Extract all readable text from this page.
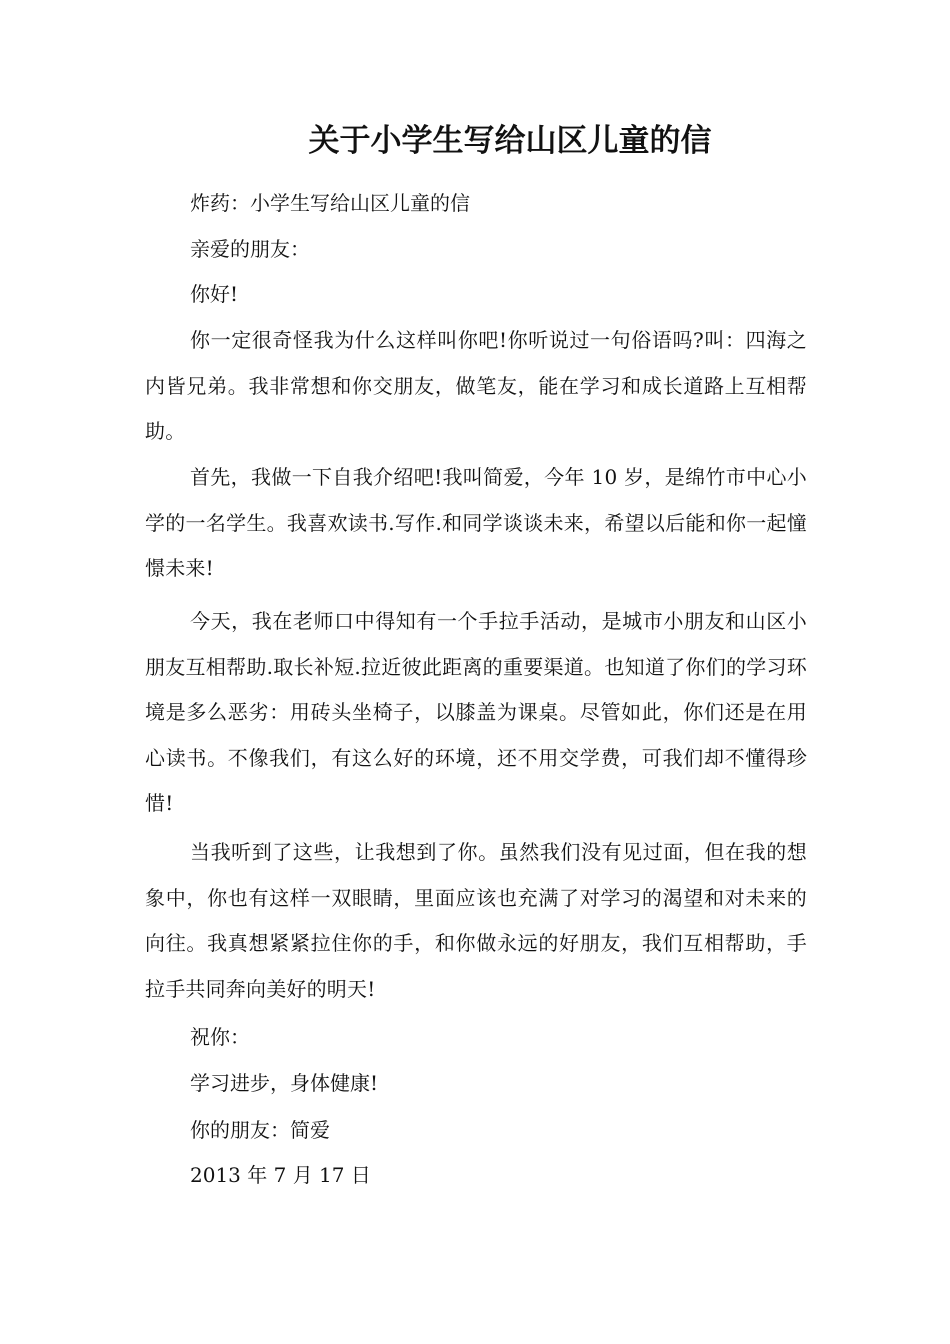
关于小学生写给山区儿童的信

炸药：小学生写给山区儿童的信

亲爱的朋友：

你好!

你一定很奇怪我为什么这样叫你吧!你听说过一句俗语吗?叫：四海之内皆兄弟。我非常想和你交朋友，做笔友，能在学习和成长道路上互相帮助。

首先，我做一下自我介绍吧!我叫简爱，今年 10 岁，是绵竹市中心小学的一名学生。我喜欢读书.写作.和同学谈谈未来，希望以后能和你一起憧憬未来!

今天，我在老师口中得知有一个手拉手活动，是城市小朋友和山区小朋友互相帮助.取长补短.拉近彼此距离的重要渠道。也知道了你们的学习环境是多么恶劣：用砖头坐椅子，以膝盖为课桌。尽管如此，你们还是在用心读书。不像我们，有这么好的环境，还不用交学费，可我们却不懂得珍惜!

当我听到了这些，让我想到了你。虽然我们没有见过面，但在我的想象中，你也有这样一双眼睛，里面应该也充满了对学习的渴望和对未来的向往。我真想紧紧拉住你的手，和你做永远的好朋友，我们互相帮助，手拉手共同奔向美好的明天!

祝你：

学习进步，身体健康!

你的朋友：简爱

2013 年 7 月 17 日
